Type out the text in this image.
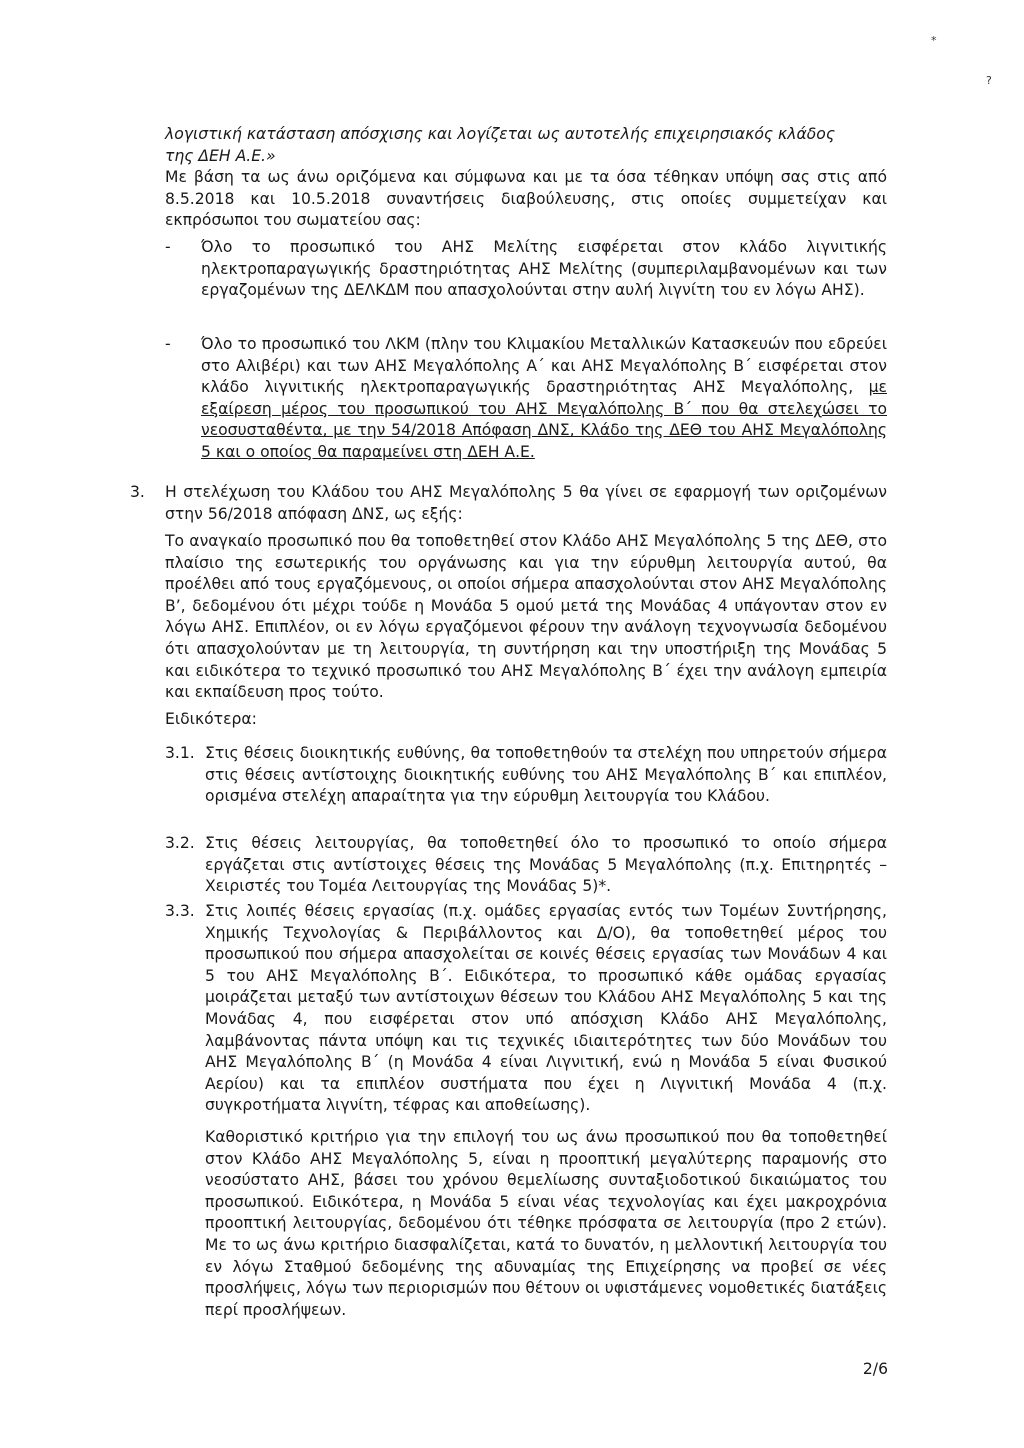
*
?
λογιστική κατάσταση απόσχισης και λογίζεται ως αυτοτελής επιχειρησιακός κλάδος
της ΔΕΗ Α.Ε.»
Με βάση τα ως άνω οριζόμενα και σύμφωνα και με τα όσα τέθηκαν υπόψη σας στις από 8.5.2018 και 10.5.2018 συναντήσεις διαβούλευσης, στις οποίες συμμετείχαν και εκπρόσωποι του σωματείου σας:
-	Όλο το προσωπικό του ΑΗΣ Μελίτης εισφέρεται στον κλάδο λιγνιτικής ηλεκτροπαραγωγικής δραστηριότητας ΑΗΣ Μελίτης (συμπεριλαμβανομένων και των εργαζομένων της ΔΕΛΚΔΜ που απασχολούνται στην αυλή λιγνίτη του εν λόγω ΑΗΣ).
-	Όλο το προσωπικό του ΛΚΜ (πλην του Κλιμακίου Μεταλλικών Κατασκευών που εδρεύει στο Αλιβέρι) και των ΑΗΣ Μεγαλόπολης Α΄ και ΑΗΣ Μεγαλόπολης Β΄ εισφέρεται στον κλάδο λιγνιτικής ηλεκτροπαραγωγικής δραστηριότητας ΑΗΣ Μεγαλόπολης, με εξαίρεση μέρος του προσωπικού του ΑΗΣ Μεγαλόπολης Β΄ που θα στελεχώσει το νεοσυσταθέντα, με την 54/2018 Απόφαση ΔΝΣ, Κλάδο της ΔΕΘ του ΑΗΣ Μεγαλόπολης 5 και ο οποίος θα παραμείνει στη ΔΕΗ Α.Ε.
3. Η στελέχωση του Κλάδου του ΑΗΣ Μεγαλόπολης 5 θα γίνει σε εφαρμογή των οριζομένων στην 56/2018 απόφαση ΔΝΣ, ως εξής:
Το αναγκαίο προσωπικό που θα τοποθετηθεί στον Κλάδο ΑΗΣ Μεγαλόπολης 5 της ΔΕΘ, στο πλαίσιο της εσωτερικής του οργάνωσης και για την εύρυθμη λειτουργία αυτού, θα προέλθει από τους εργαζόμενους, οι οποίοι σήμερα απασχολούνται στον ΑΗΣ Μεγαλόπολης Β’, δεδομένου ότι μέχρι τούδε η Μονάδα 5 ομού μετά της Μονάδας 4 υπάγονταν στον εν λόγω ΑΗΣ. Επιπλέον, οι εν λόγω εργαζόμενοι φέρουν την ανάλογη τεχνογνωσία δεδομένου ότι απασχολούνταν με τη λειτουργία, τη συντήρηση και την υποστήριξη της Μονάδας 5 και ειδικότερα το τεχνικό προσωπικό του ΑΗΣ Μεγαλόπολης Β΄ έχει την ανάλογη εμπειρία και εκπαίδευση προς τούτο.
Ειδικότερα:
3.1. Στις θέσεις διοικητικής ευθύνης, θα τοποθετηθούν τα στελέχη που υπηρετούν σήμερα στις θέσεις αντίστοιχης διοικητικής ευθύνης του ΑΗΣ Μεγαλόπολης Β΄ και επιπλέον, ορισμένα στελέχη απαραίτητα για την εύρυθμη λειτουργία του Κλάδου.
3.2. Στις θέσεις λειτουργίας, θα τοποθετηθεί όλο το προσωπικό το οποίο σήμερα εργάζεται στις αντίστοιχες θέσεις της Μονάδας 5 Μεγαλόπολης (π.χ. Επιτηρητές – Χειριστές του Τομέα Λειτουργίας της Μονάδας 5)*.
3.3. Στις λοιπές θέσεις εργασίας (π.χ. ομάδες εργασίας εντός των Τομέων Συντήρησης, Χημικής Τεχνολογίας & Περιβάλλοντος και Δ/Ο), θα τοποθετηθεί μέρος του προσωπικού που σήμερα απασχολείται σε κοινές θέσεις εργασίας των Μονάδων 4 και 5 του ΑΗΣ Μεγαλόπολης Β΄. Ειδικότερα, το προσωπικό κάθε ομάδας εργασίας μοιράζεται μεταξύ των αντίστοιχων θέσεων του Κλάδου ΑΗΣ Μεγαλόπολης 5 και της Μονάδας 4, που εισφέρεται στον υπό απόσχιση Κλάδο ΑΗΣ Μεγαλόπολης, λαμβάνοντας πάντα υπόψη και τις τεχνικές ιδιαιτερότητες των δύο Μονάδων του ΑΗΣ Μεγαλόπολης Β΄ (η Μονάδα 4 είναι Λιγνιτική, ενώ η Μονάδα 5 είναι Φυσικού Αερίου) και τα επιπλέον συστήματα που έχει η Λιγνιτική Μονάδα 4 (π.χ. συγκροτήματα λιγνίτη, τέφρας και αποθείωσης).
Καθοριστικό κριτήριο για την επιλογή του ως άνω προσωπικού που θα τοποθετηθεί στον Κλάδο ΑΗΣ Μεγαλόπολης 5, είναι η προοπτική μεγαλύτερης παραμονής στο νεοσύστατο ΑΗΣ, βάσει του χρόνου θεμελίωσης συνταξιοδοτικού δικαιώματος του προσωπικού. Ειδικότερα, η Μονάδα 5 είναι νέας τεχνολογίας και έχει μακροχρόνια προοπτική λειτουργίας, δεδομένου ότι τέθηκε πρόσφατα σε λειτουργία (προ 2 ετών). Με το ως άνω κριτήριο διασφαλίζεται, κατά το δυνατόν, η μελλοντική λειτουργία του εν λόγω Σταθμού δεδομένης της αδυναμίας της Επιχείρησης να προβεί σε νέες προσλήψεις, λόγω των περιορισμών που θέτουν οι υφιστάμενες νομοθετικές διατάξεις περί προσλήψεων.
2/6
